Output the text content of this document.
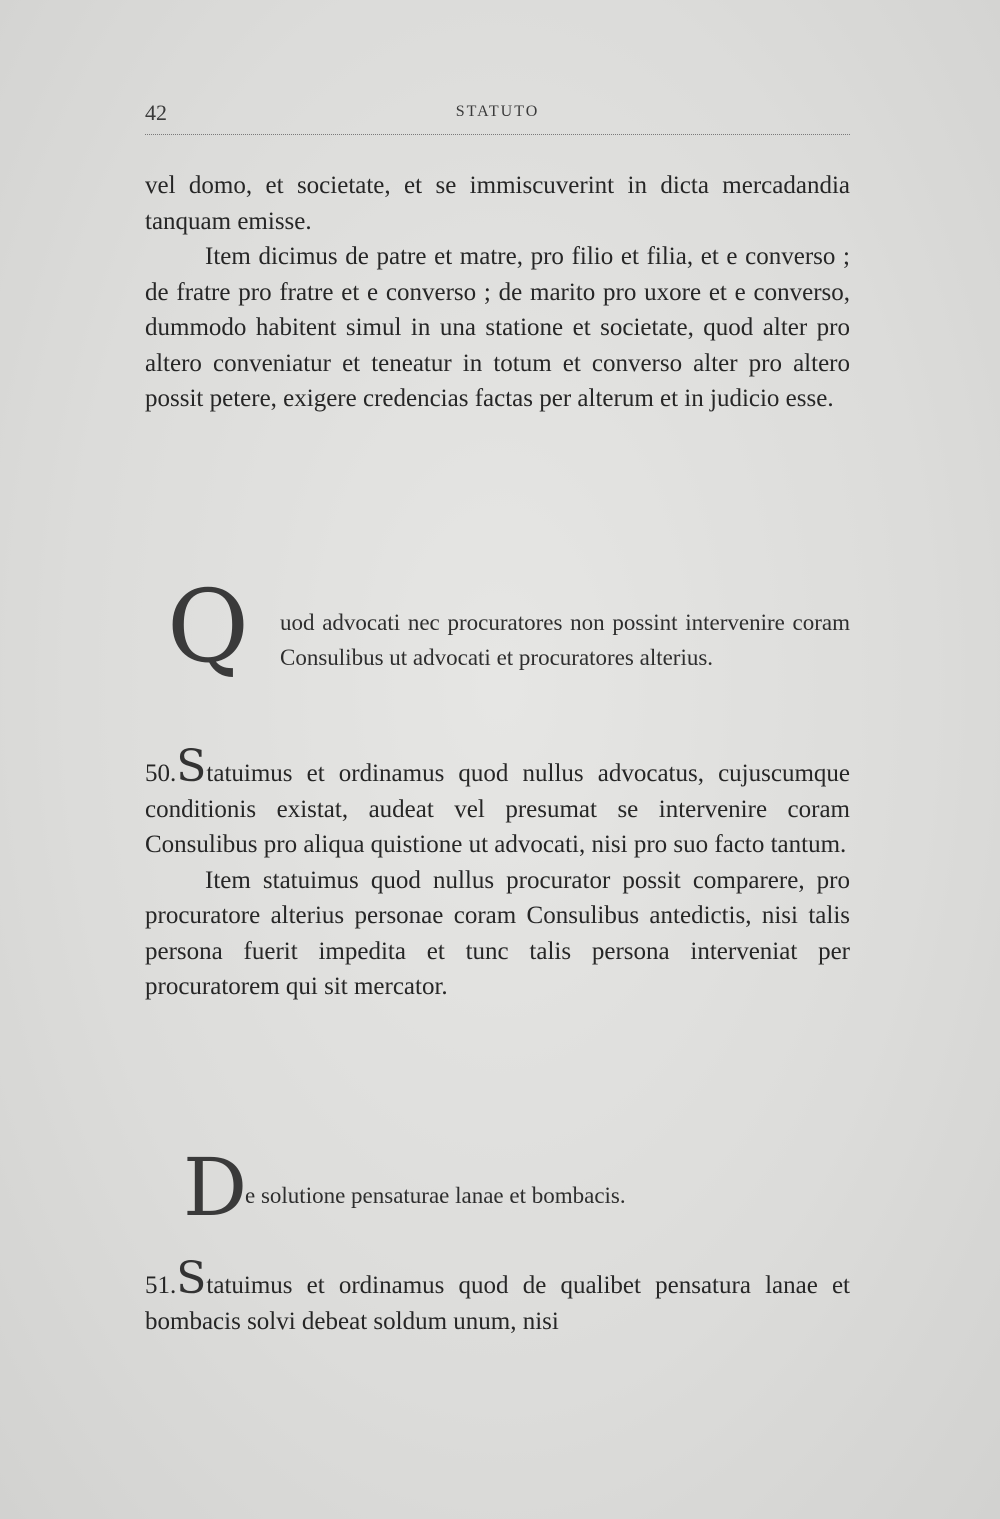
42	STATUTO

vel domo, et societate, et se immiscuverint in dicta mercadandia tanquam emisse.

Item dicimus de patre et matre, pro filio et filia, et e converso ; de fratre pro fratre et e converso ; de marito pro uxore et e converso, dummodo habitent simul in una statione et societate, quod alter pro altero conveniatur et teneatur in totum et converso alter pro altero possit petere, exigere credencias factas per alterum et in judicio esse.

Q	uod advocati nec procuratores non possint intervenire coram Consulibus ut advocati et procuratores alterius.

50.Statuimus et ordinamus quod nullus advocatus, cujuscumque conditionis existat, audeat vel presumat se intervenire coram Consulibus pro aliqua quistione ut advocati, nisi pro suo facto tantum.

Item statuimus quod nullus procurator possit comparere, pro procuratore alterius personae coram Consulibus antedictis, nisi talis persona fuerit impedita et tunc talis persona interveniat per procuratorem qui sit mercator.

D
e solutione pensaturae lanae et bombacis.

51.Statuimus et ordinamus quod de qualibet pensatura lanae et bombacis solvi debeat soldum unum, nisi
